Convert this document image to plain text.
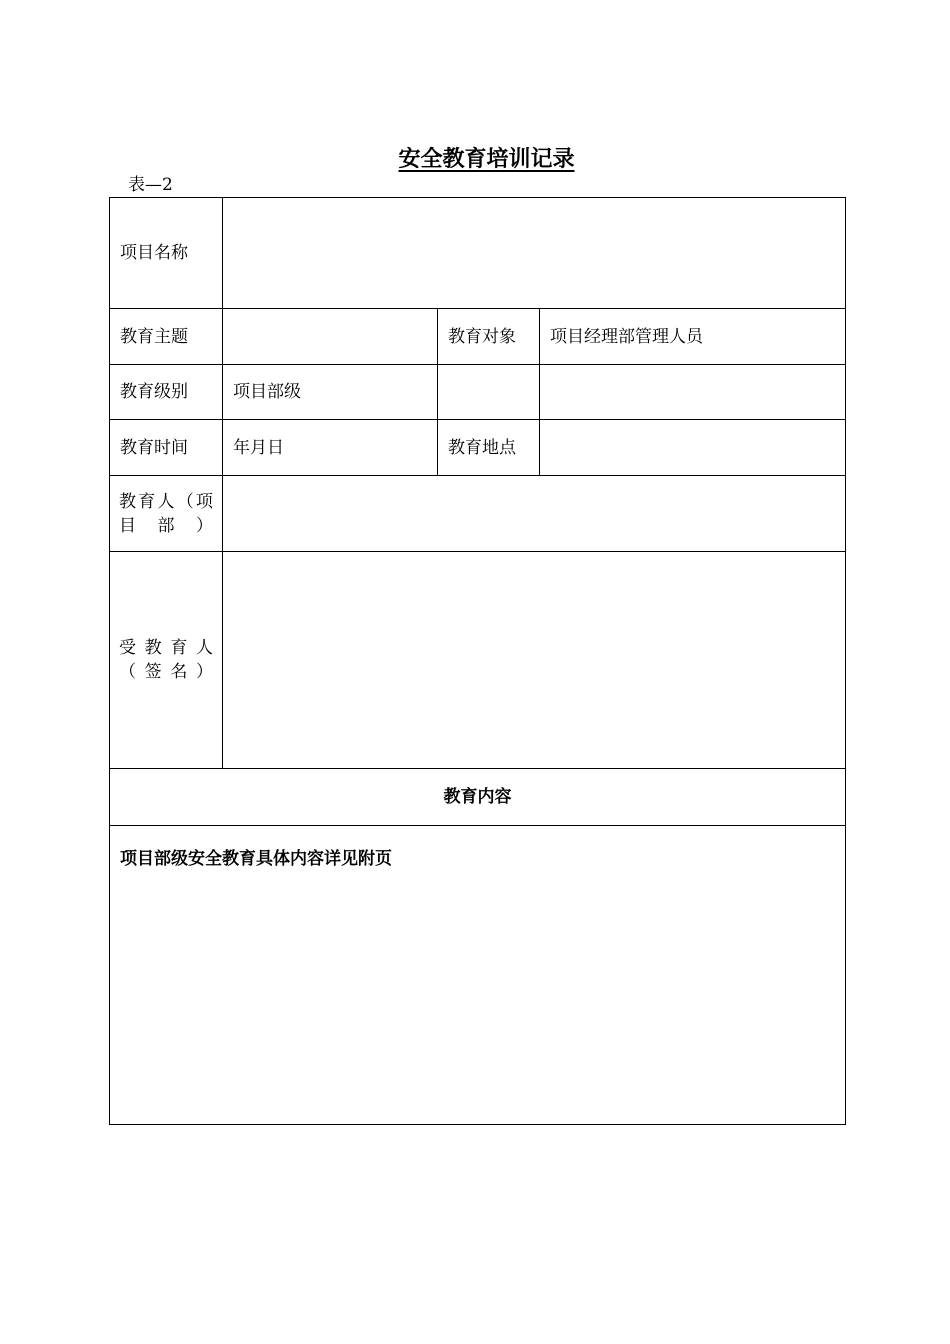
安全教育培训记录
表—2
项目名称			
教育主题		教育对象	项目经理部管理人员
教育级别	项目部级		
教育时间	年月日	教育地点	
教育人（项目部）			
受教育人（签名）			
教育内容			
项目部级安全教育具体内容详见附页			
